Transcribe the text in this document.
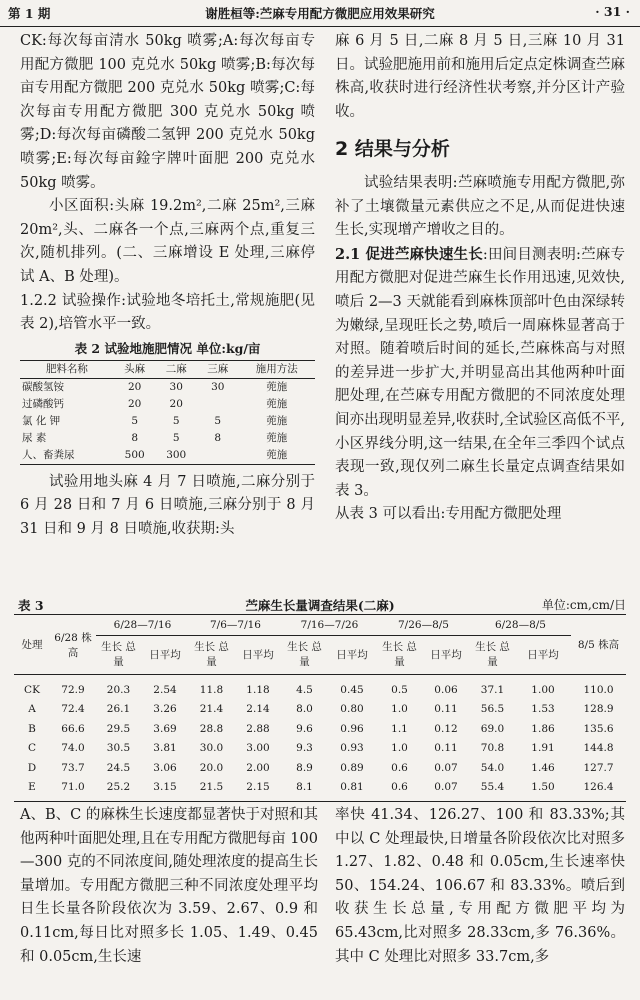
第 1 期	谢胜桓等:苎麻专用配方微肥应用效果研究	· 31 ·

CK:每次每亩清水 50kg 喷雾;A:每次每亩专用配方微肥 100 克兑水 50kg 喷雾;B:每次每亩专用配方微肥 200 克兑水 50kg 喷雾;C:每次每亩专用配方微肥 300 克兑水 50kg 喷雾;D:每次每亩磷酸二氢钾 200 克兑水 50kg 喷雾;E:每次每亩鍂字牌叶面肥 200 克兑水 50kg 喷雾。

小区面积:头麻 19.2m²,二麻 25m²,三麻 20m²,头、二麻各一个点,三麻两个点,重复三次,随机排列。(二、三麻增设 E 处理,三麻停试 A、B 处理)。

1.2.2 试验操作:试验地冬培托土,常规施肥(见表 2),培管水平一致。

表 2 试验地施肥情况 单位:kg/亩

肥料名称	头麻	二麻	三麻	施用方法
碳酸氢铵	20	30	30	蔸施
过磷酸钙	20	20		蔸施
氯 化 钾	5	5	5	蔸施
尿 素	8	5	8	蔸施
人、畜粪尿	500	300		蔸施

试验用地头麻 4 月 7 日喷施,二麻分别于 6 月 28 日和 7 月 6 日喷施,三麻分别于 8 月 31 日和 9 月 8 日喷施,收获期:头

麻 6 月 5 日,二麻 8 月 5 日,三麻 10 月 31 日。试验肥施用前和施用后定点定株调查苎麻株高,收获时进行经济性状考察,并分区计产验收。

2 结果与分析

试验结果表明:苎麻喷施专用配方微肥,弥补了土壤微量元素供应之不足,从而促进快速生长,实现增产增收之目的。

2.1 促进苎麻快速生长:田间目测表明:苎麻专用配方微肥对促进苎麻生长作用迅速,见效快,喷后 2—3 天就能看到麻株顶部叶色由深绿转为嫩绿,呈现旺长之势,喷后一周麻株显著高于对照。随着喷后时间的延长,苎麻株高与对照的差异进一步扩大,并明显高出其他两种叶面肥处理,在苎麻专用配方微肥的不同浓度处理间亦出现明显差异,收获时,全试验区高低不平,小区界线分明,这一结果,在全年三季四个试点表现一致,现仅列二麻生长量定点调查结果如表 3。

从表 3 可以看出:专用配方微肥处理

表 3	苎麻生长量调查结果(二麻)	单位:cm,cm/日
处理	6/28 株高	6/28—7/16		7/6—7/16		7/16—7/26		7/26—8/5		6/28—8/5		8/5 株高
		生长 总量	日平均	生长 总量	日平均	生长 总量	日平均	生长 总量	日平均	生长 总量	日平均	
CK	72.9	20.3	2.54	11.8	1.18	4.5	0.45	0.5	0.06	37.1	1.00	110.0
A	72.4	26.1	3.26	21.4	2.14	8.0	0.80	1.0	0.11	56.5	1.53	128.9
B	66.6	29.5	3.69	28.8	2.88	9.6	0.96	1.1	0.12	69.0	1.86	135.6
C	74.0	30.5	3.81	30.0	3.00	9.3	0.93	1.0	0.11	70.8	1.91	144.8
D	73.7	24.5	3.06	20.0	2.00	8.9	0.89	0.6	0.07	54.0	1.46	127.7
E	71.0	25.2	3.15	21.5	2.15	8.1	0.81	0.6	0.07	55.4	1.50	126.4

A、B、C 的麻株生长速度都显著快于对照和其他两种叶面肥处理,且在专用配方微肥每亩 100—300 克的不同浓度间,随处理浓度的提高生长量增加。专用配方微肥三种不同浓度处理平均日生长量各阶段依次为 3.59、2.67、0.9 和 0.11cm,每日比对照多长 1.05、1.49、0.45 和 0.05cm,生长速

率快 41.34、126.27、100 和 83.33%;其中以 C 处理最快,日增量各阶段依次比对照多 1.27、1.82、0.48 和 0.05cm,生长速率快 50、154.24、106.67 和 83.33%。喷后到收获生长总量,专用配方微肥平均为 65.43cm,比对照多 28.33cm,多 76.36%。其中 C 处理比对照多 33.7cm,多
